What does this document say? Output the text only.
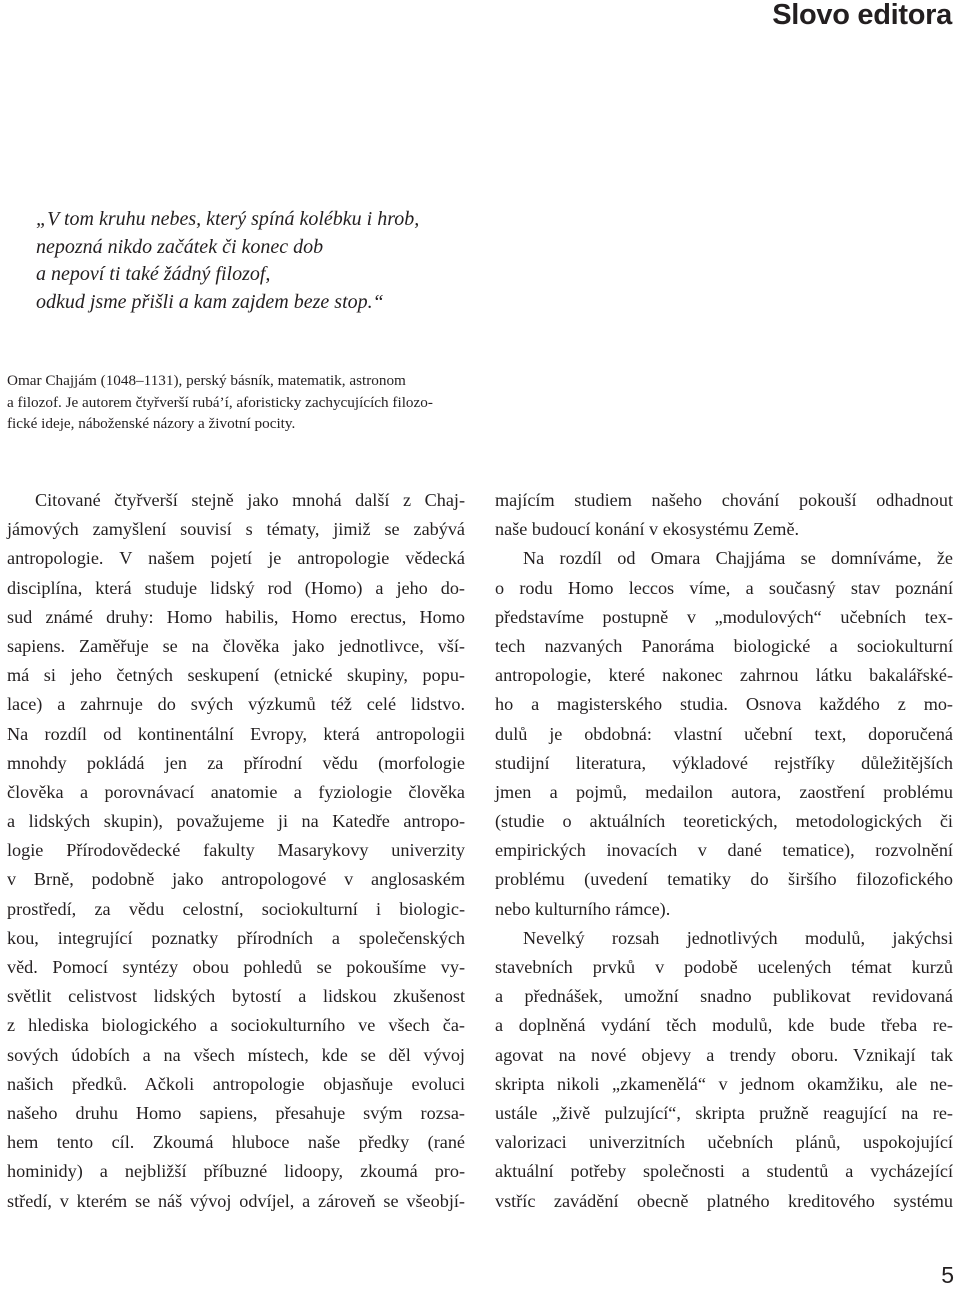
Slovo editora
„V tom kruhu nebes, který spíná kolébku i hrob,
nepozná nikdo začátek či konec dob
a nepoví ti také žádný filozof,
odkud jsme přišli a kam zajdem beze stop.“
Omar Chajjám (1048–1131), perský básník, matematik, astronom
a filozof. Je autorem čtyřverší rubá’í, aforisticky zachycujících filozo-
fické ideje, náboženské názory a životní pocity.
Citované čtyřverší stejně jako mnohá další z Chaj-
jámových zamyšlení souvisí s tématy, jimiž se zabývá
antropologie. V našem pojetí je antropologie vědecká
disciplína, která studuje lidský rod (Homo) a jeho do-
sud známé druhy: Homo habilis, Homo erectus, Homo
sapiens. Zaměřuje se na člověka jako jednotlivce, vší-
má si jeho četných seskupení (etnické skupiny, popu-
lace) a zahrnuje do svých výzkumů též celé lidstvo.
Na rozdíl od kontinentální Evropy, která antropologii
mnohdy pokládá jen za přírodní vědu (morfologie
člověka a porovnávací anatomie a fyziologie člověka
a lidských skupin), považujeme ji na Katedře antropo-
logie Přírodovědecké fakulty Masarykovy univerzity
v Brně, podobně jako antropologové v anglosaském
prostředí, za vědu celostní, sociokulturní i biologic-
kou, integrující poznatky přírodních a společenských
věd. Pomocí syntézy obou pohledů se pokoušíme vy-
světlit celistvost lidských bytostí a lidskou zkušenost
z hlediska biologického a sociokulturního ve všech ča-
sových údobích a na všech místech, kde se děl vývoj
našich předků. Ačkoli antropologie objasňuje evoluci
našeho druhu Homo sapiens, přesahuje svým rozsa-
hem tento cíl. Zkoumá hluboce naše předky (rané
hominidy) a nejbližší příbuzné lidoopy, zkoumá pro-
středí, v kterém se náš vývoj odvíjel, a zároveň se všeobjí-
majícím studiem našeho chování pokouší odhadnout
naše budoucí konání v ekosystému Země.
Na rozdíl od Omara Chajjáma se domníváme, že
o rodu Homo leccos víme, a současný stav poznání
představíme postupně v „modulových“ učebních tex-
tech nazvaných Panoráma biologické a sociokulturní
antropologie, které nakonec zahrnou látku bakalářské-
ho a magisterského studia. Osnova každého z mo-
dulů je obdobná: vlastní učební text, doporučená
studijní literatura, výkladové rejstříky důležitějších
jmen a pojmů, medailon autora, zaostření problému
(studie o aktuálních teoretických, metodologických či
empirických inovacích v dané tematice), rozvolnění
problému (uvedení tematiky do širšího filozofického
nebo kulturního rámce).
Nevelký rozsah jednotlivých modulů, jakýchsi
stavebních prvků v podobě ucelených témat kurzů
a přednášek, umožní snadno publikovat revidovaná
a doplněná vydání těch modulů, kde bude třeba re-
agovat na nové objevy a trendy oboru. Vznikají tak
skripta nikoli „zkamenělá“ v jednom okamžiku, ale ne-
ustále „živě pulzující“, skripta pružně reagující na re-
valorizaci univerzitních učebních plánů, uspokojující
aktuální potřeby společnosti a studentů a vycházející
vstříc zavádění obecně platného kreditového systému
5
